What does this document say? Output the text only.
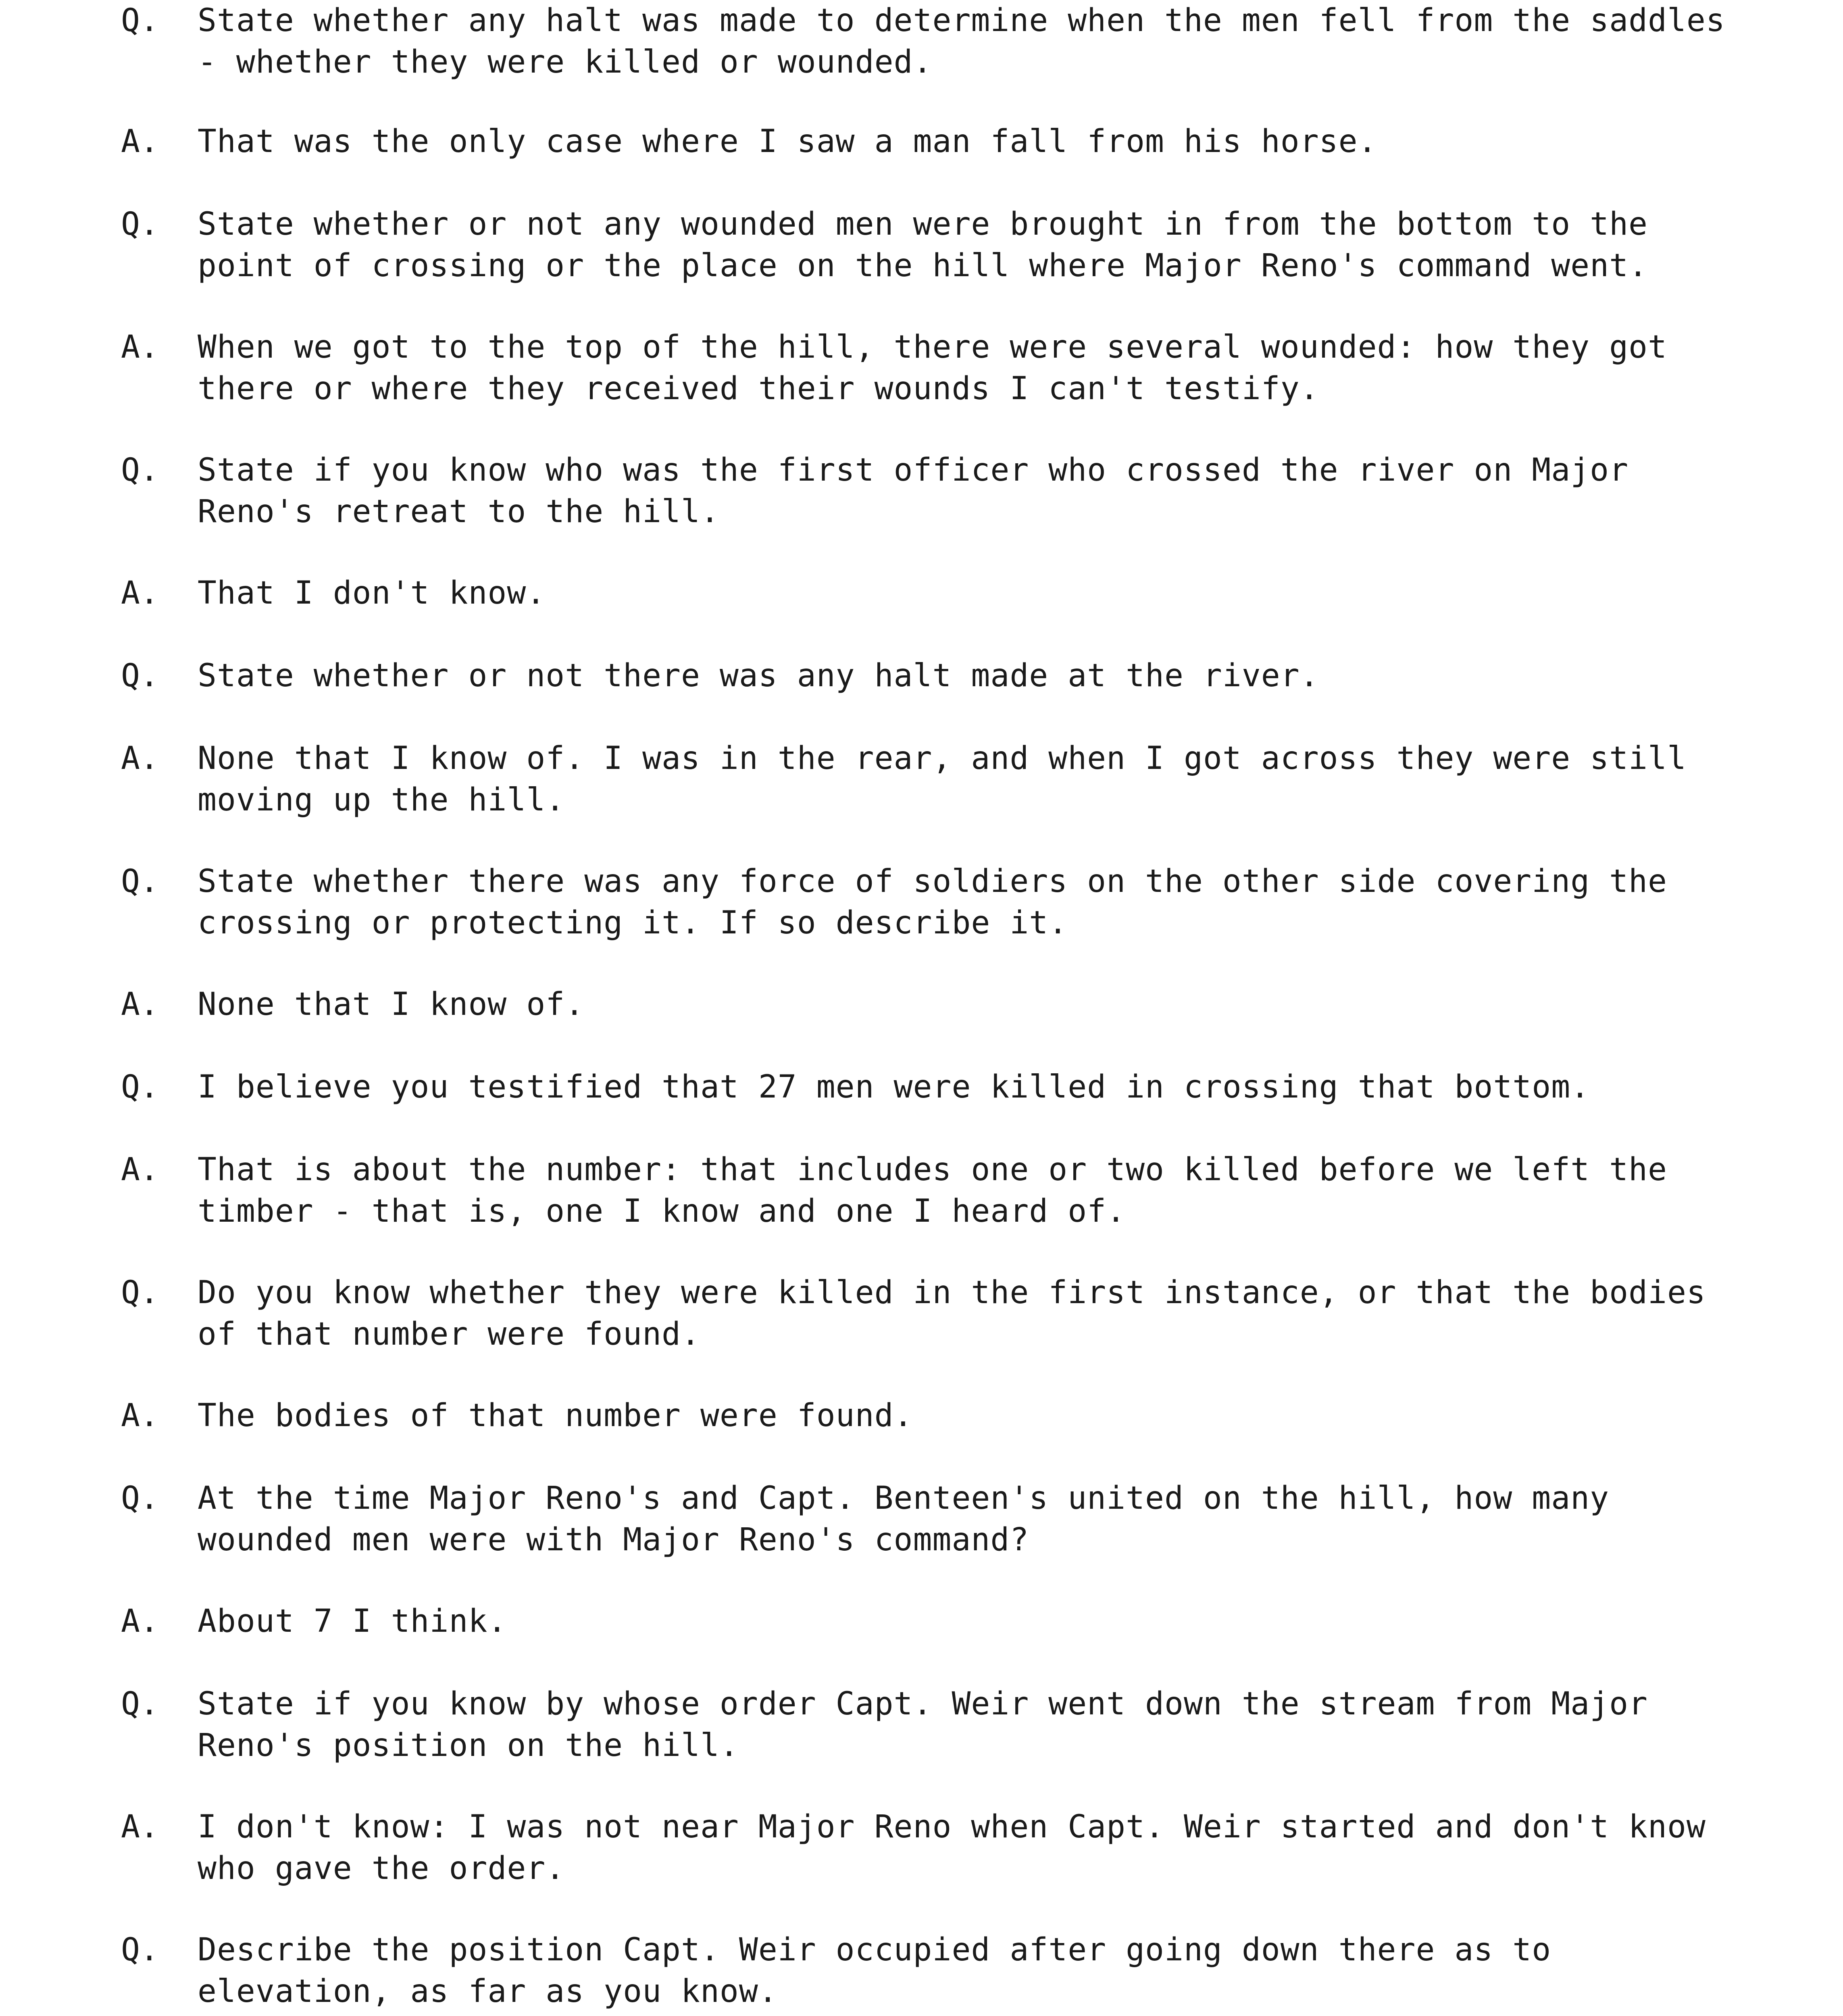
Q.	State whether any halt was made to determine when the men fell from the saddles - whether they were killed or wounded.
A.	That was the only case where I saw a man fall from his horse.
Q.	State whether or not any wounded men were brought in from the bottom to the point of crossing or the place on the hill where Major Reno's command went.
A.	When we got to the top of the hill, there were several wounded: how they got there or where they received their wounds I can't testify.
Q.	State if you know who was the first officer who crossed the river on Major Reno's retreat to the hill.
A.	That I don't know.
Q.	State whether or not there was any halt made at the river.
A.	None that I know of. I was in the rear, and when I got across they were still moving up the hill.
Q.	State whether there was any force of soldiers on the other side covering the crossing or protecting it. If so describe it.
A.	None that I know of.
Q.	I believe you testified that 27 men were killed in crossing that bottom.
A.	That is about the number: that includes one or two killed before we left the timber - that is, one I know and one I heard of.
Q.	Do you know whether they were killed in the first instance, or that the bodies of that number were found.
A.	The bodies of that number were found.
Q.	At the time Major Reno's and Capt. Benteen's united on the hill, how many wounded men were with Major Reno's command?
A.	About 7 I think.
Q.	State if you know by whose order Capt. Weir went down the stream from Major Reno's position on the hill.
A.	I don't know: I was not near Major Reno when Capt. Weir started and don't know who gave the order.
Q.	Describe the position Capt. Weir occupied after going down there as to elevation, as far as you know.
